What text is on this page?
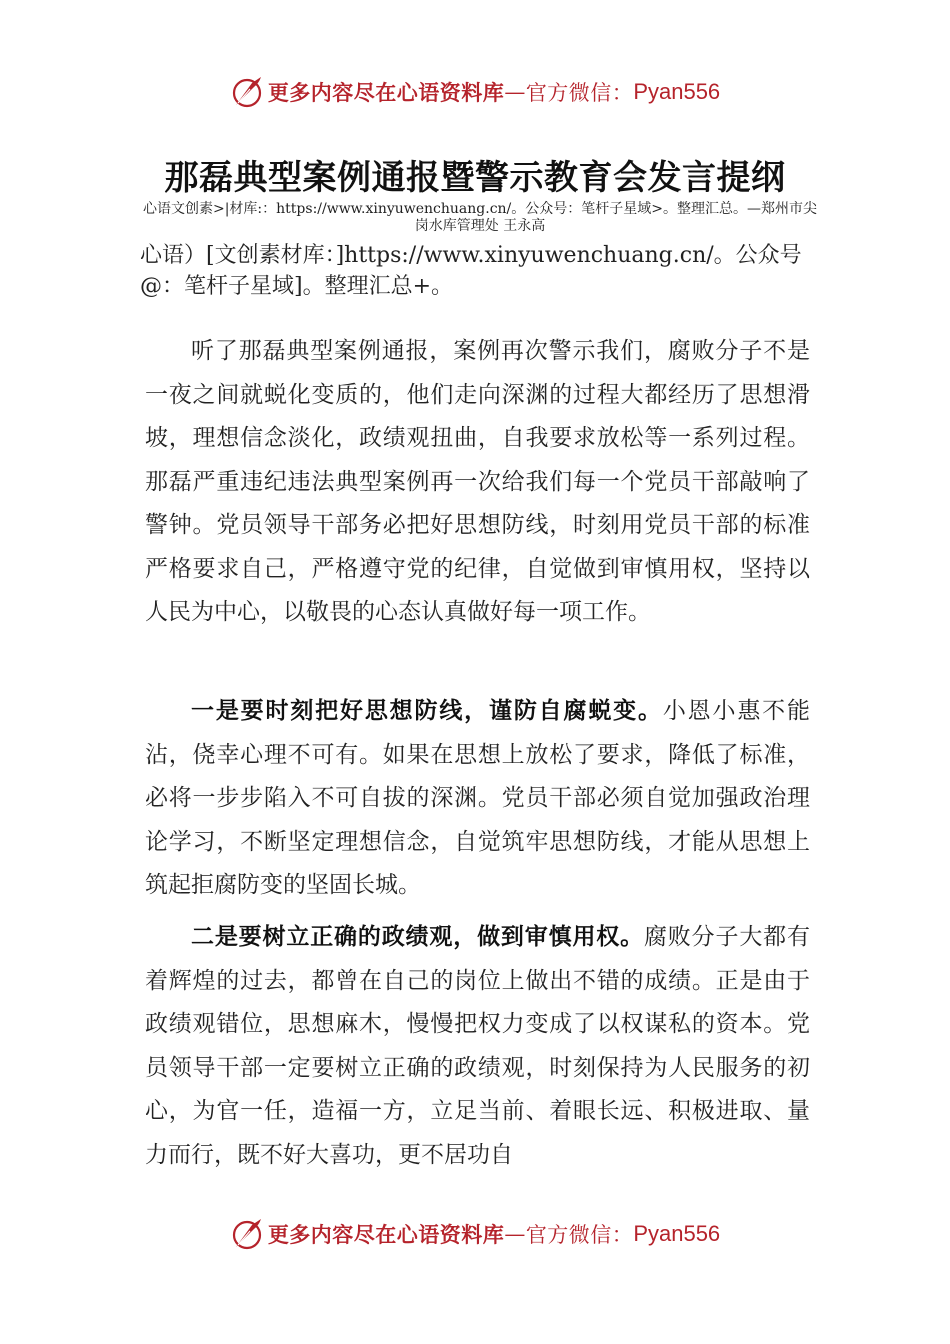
更多内容尽在心语资料库 — 官方微信： Pyan556
那磊典型案例通报暨警示教育会发言提纲
心语文创素>|材库:：https://www.xinyuwenchuang.cn/。公众号：笔杆子星域>。整理汇总。—郑州市尖岗水库管理处 王永高
心语）[文创素材库：]https://www.xinyuwenchuang.cn/。公众号@：笔杆子星域]。整理汇总+。

听了那磊典型案例通报，案例再次警示我们，腐败分子不是一夜之间就蜕化变质的，他们走向深渊的过程大都经历了思想滑坡，理想信念淡化，政绩观扭曲，自我要求放松等一系列过程。那磊严重违纪违法典型案例再一次给我们每一个党员干部敲响了警钟。党员领导干部务必把好思想防线，时刻用党员干部的标准严格要求自己，严格遵守党的纪律，自觉做到审慎用权，坚持以人民为中心，以敬畏的心态认真做好每一项工作。

一是要时刻把好思想防线，谨防自腐蜕变。小恩小惠不能沾，侥幸心理不可有。如果在思想上放松了要求，降低了标准，必将一步步陷入不可自拔的深渊。党员干部必须自觉加强政治理论学习，不断坚定理想信念，自觉筑牢思想防线，才能从思想上筑起拒腐防变的坚固长城。

二是要树立正确的政绩观，做到审慎用权。腐败分子大都有着辉煌的过去，都曾在自己的岗位上做出不错的成绩。正是由于政绩观错位，思想麻木，慢慢把权力变成了以权谋私的资本。党员领导干部一定要树立正确的政绩观，时刻保持为人民服务的初心，为官一任，造福一方，立足当前、着眼长远、积极进取、量力而行，既不好大喜功，更不居功自

更多内容尽在心语资料库 — 官方微信： Pyan556
